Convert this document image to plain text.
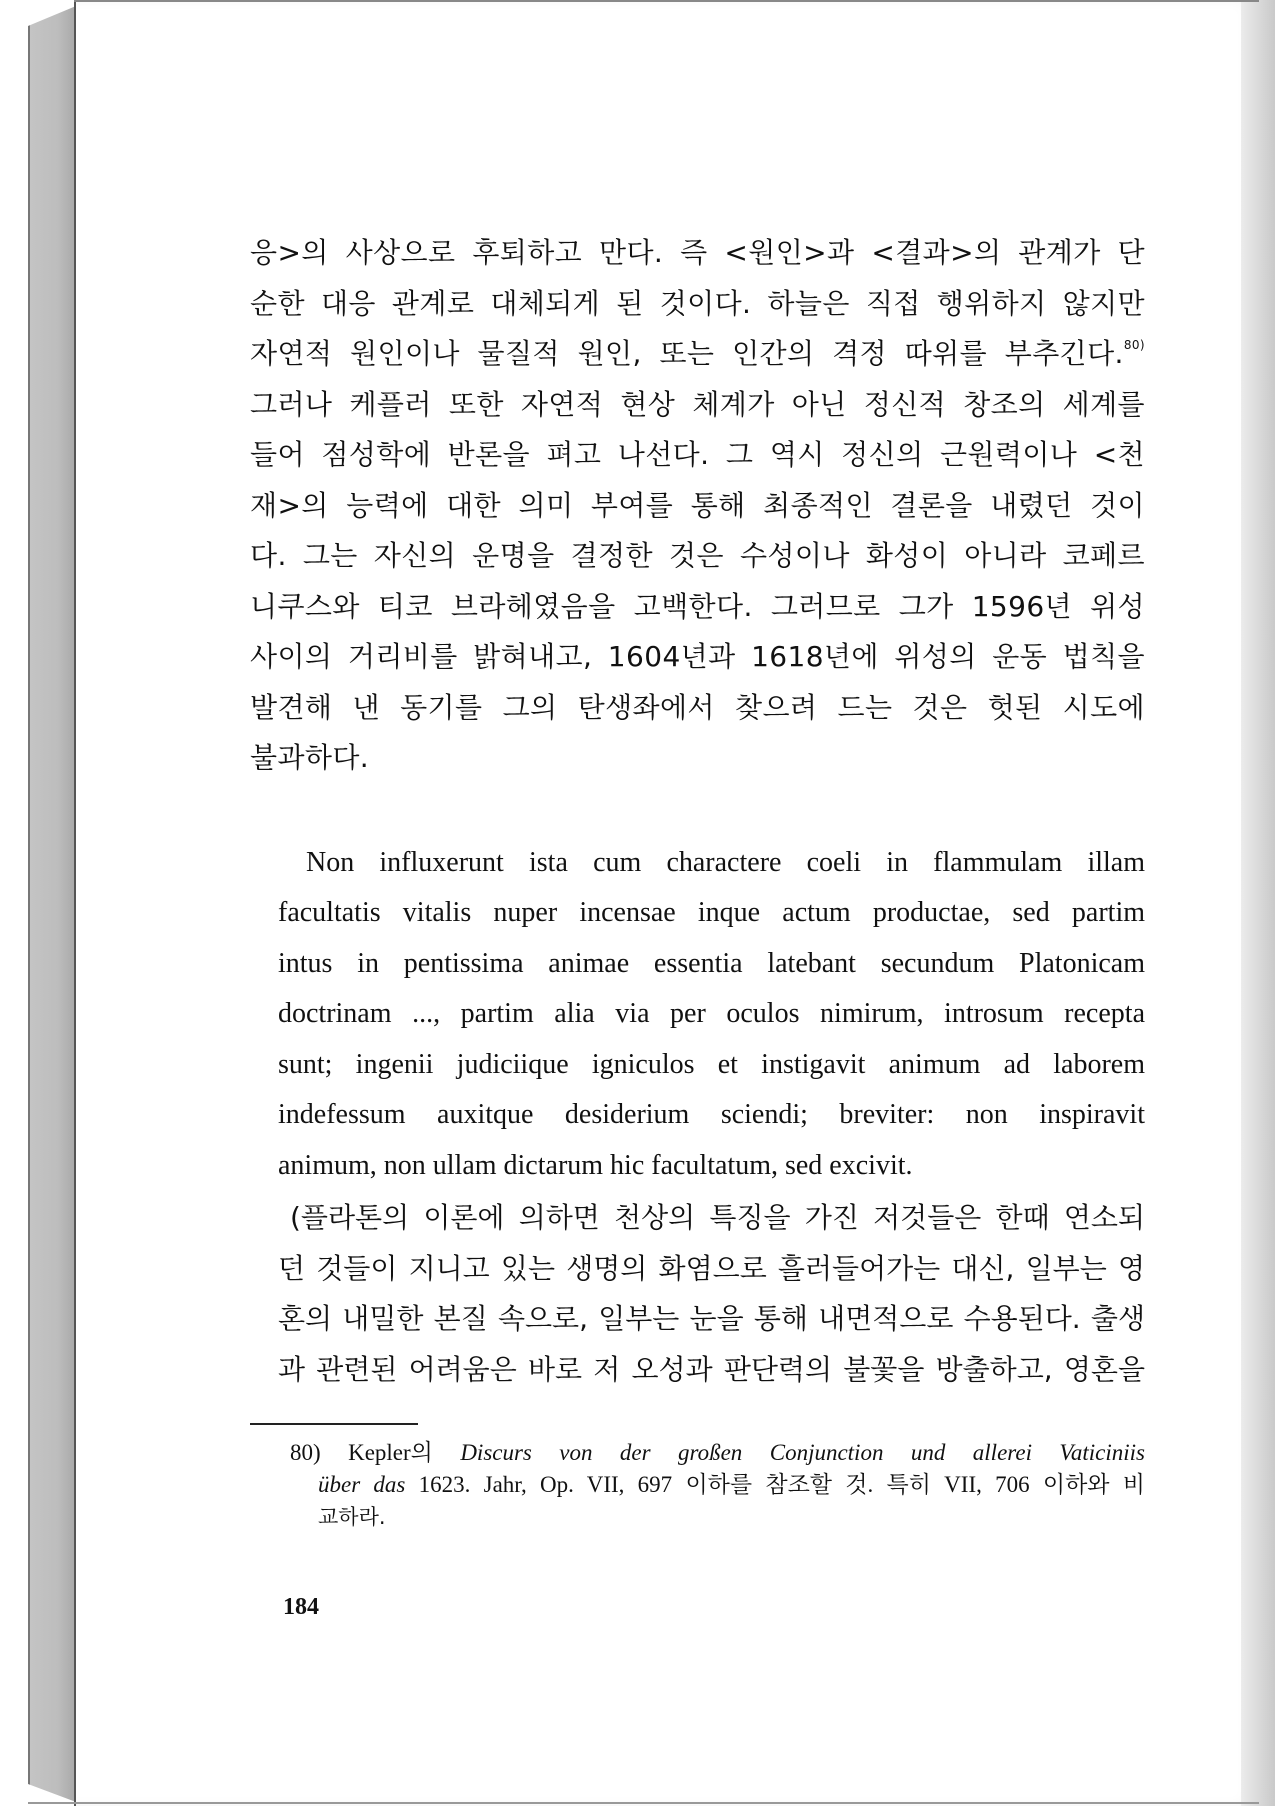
응>의 사상으로 후퇴하고 만다. 즉 <원인>과 <결과>의 관계가 단
순한 대응 관계로 대체되게 된 것이다. 하늘은 직접 행위하지 않지만
자연적 원인이나 물질적 원인, 또는 인간의 격정 따위를 부추긴다.$^{80)}$
그러나 케플러 또한 자연적 현상 체계가 아닌 정신적 창조의 세계를
들어 점성학에 반론을 펴고 나선다. 그 역시 정신의 근원력이나 <천
재>의 능력에 대한 의미 부여를 통해 최종적인 결론을 내렸던 것이
다. 그는 자신의 운명을 결정한 것은 수성이나 화성이 아니라 코페르
니쿠스와 티코 브라헤였음을 고백한다. 그러므로 그가 1596년 위성
사이의 거리비를 밝혀내고, 1604년과 1618년에 위성의 운동 법칙을
발견해 낸 동기를 그의 탄생좌에서 찾으려 드는 것은 헛된 시도에
불과하다.

Non influxerunt ista cum charactere coeli in flammulam illam
facultatis vitalis nuper incensae inque actum productae, sed partim
intus in pentissima animae essentia latebant secundum Platonicam
doctrinam ..., partim alia via per oculos nimirum, introsum recepta
sunt; ingenii judiciique igniculos et instigavit animum ad laborem
indefessum auxitque desiderium sciendi; breviter: non inspiravit
animum, non ullam dictarum hic facultatum, sed excivit.
(플라톤의 이론에 의하면 천상의 특징을 가진 저것들은 한때 연소되
던 것들이 지니고 있는 생명의 화염으로 흘러들어가는 대신, 일부는 영
혼의 내밀한 본질 속으로, 일부는 눈을 통해 내면적으로 수용된다. 출생
과 관련된 어려움은 바로 저 오성과 판단력의 불꽃을 방출하고, 영혼을
80) Kepler의 Discurs von der großen Conjunction und allerei Vaticiniis
über das 1623. Jahr, Op. VII, 697 이하를 참조할 것. 특히 VII, 706 이하와 비
교하라.
184
